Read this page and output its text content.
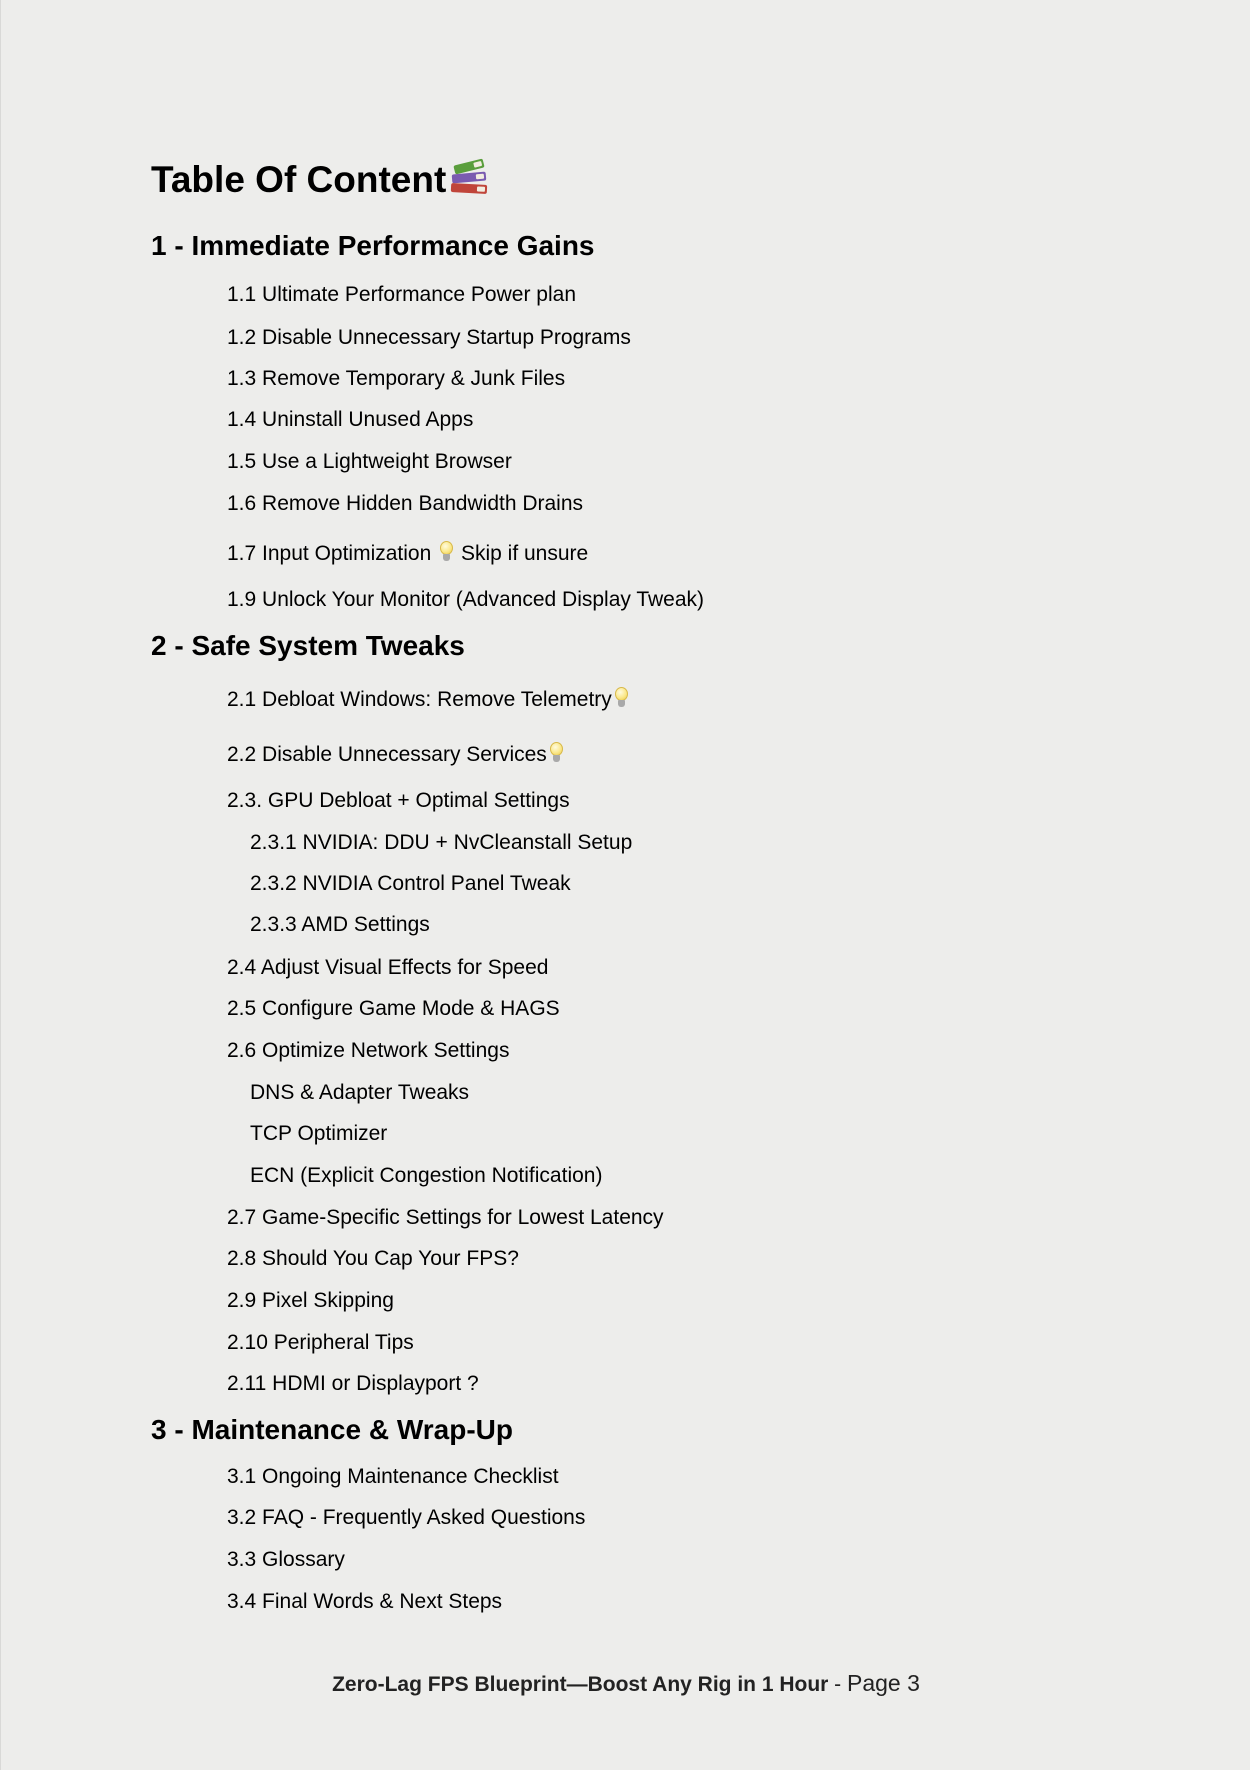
Table Of Content
1 - Immediate Performance Gains
1.1 Ultimate Performance Power plan
1.2 Disable Unnecessary Startup Programs
1.3 Remove Temporary & Junk Files
1.4 Uninstall Unused Apps
1.5 Use a Lightweight Browser
1.6 Remove Hidden Bandwidth Drains
1.7 Input Optimization Skip if unsure
1.9 Unlock Your Monitor (Advanced Display Tweak)
2 - Safe System Tweaks
2.1 Debloat Windows: Remove Telemetry
2.2 Disable Unnecessary Services
2.3. GPU Debloat + Optimal Settings
2.3.1 NVIDIA: DDU + NvCleanstall Setup
2.3.2 NVIDIA Control Panel Tweak
2.3.3 AMD Settings
2.4 Adjust Visual Effects for Speed
2.5 Configure Game Mode & HAGS
2.6 Optimize Network Settings
DNS & Adapter Tweaks
TCP Optimizer
ECN (Explicit Congestion Notification)
2.7 Game-Specific Settings for Lowest Latency
2.8 Should You Cap Your FPS?
2.9 Pixel Skipping
2.10 Peripheral Tips
2.11 HDMI or Displayport ?
3 - Maintenance & Wrap-Up
3.1 Ongoing Maintenance Checklist
3.2 FAQ - Frequently Asked Questions
3.3 Glossary
3.4 Final Words & Next Steps
Zero-Lag FPS Blueprint—Boost Any Rig in 1 Hour - Page 3
